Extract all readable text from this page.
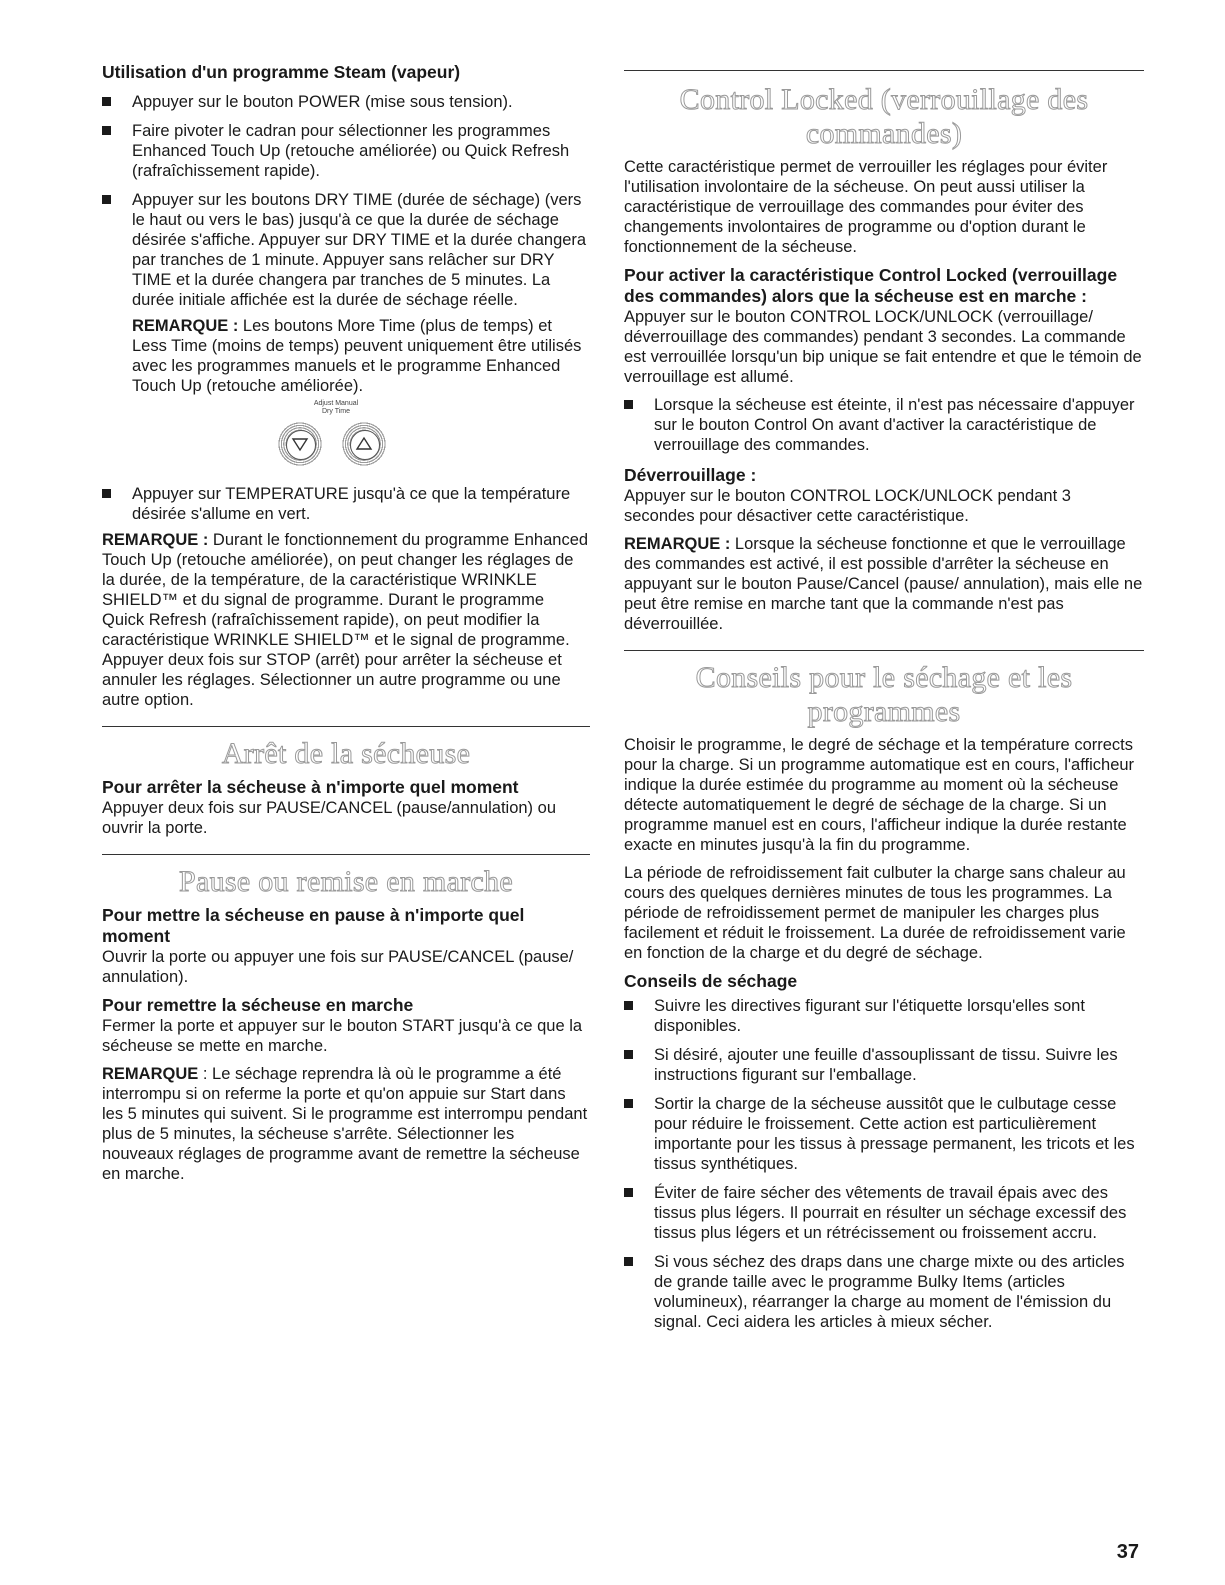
Utilisation d'un programme Steam (vapeur)

Appuyer sur le bouton POWER (mise sous tension).
Faire pivoter le cadran pour sélectionner les programmes Enhanced Touch Up (retouche améliorée) ou Quick Refresh (rafraîchissement rapide).
Appuyer sur les boutons DRY TIME (durée de séchage) (vers le haut ou vers le bas) jusqu'à ce que la durée de séchage désirée s'affiche. Appuyer sur DRY TIME et la durée changera par tranches de 1 minute. Appuyer sans relâcher sur DRY TIME et la durée changera par tranches de 5 minutes. La durée initiale affichée est la durée de séchage réelle.

REMARQUE : Les boutons More Time (plus de temps) et Less Time (moins de temps) peuvent uniquement être utilisés avec les programmes manuels et le programme Enhanced Touch Up (retouche améliorée).

Adjust Manual
Dry Time
Appuyer sur TEMPERATURE jusqu'à ce que la température désirée s'allume en vert.

REMARQUE : Durant le fonctionnement du programme Enhanced Touch Up (retouche améliorée), on peut changer les réglages de la durée, de la température, de la caractéristique WRINKLE SHIELD™ et du signal de programme. Durant le programme Quick Refresh (rafraîchissement rapide), on peut modifier la caractéristique WRINKLE SHIELD™ et le signal de programme. Appuyer deux fois sur STOP (arrêt) pour arrêter la sécheuse et annuler les réglages. Sélectionner un autre programme ou une autre option.

Arrêt de la sécheuse

Pour arrêter la sécheuse à n'importe quel moment

Appuyer deux fois sur PAUSE/CANCEL (pause/annulation) ou ouvrir la porte.

Pause ou remise en marche

Pour mettre la sécheuse en pause à n'importe quel moment

Ouvrir la porte ou appuyer une fois sur PAUSE/CANCEL (pause/ annulation).

Pour remettre la sécheuse en marche

Fermer la porte et appuyer sur le bouton START jusqu'à ce que la sécheuse se mette en marche.

REMARQUE : Le séchage reprendra là où le programme a été interrompu si on referme la porte et qu'on appuie sur Start dans les 5 minutes qui suivent. Si le programme est interrompu pendant plus de 5 minutes, la sécheuse s'arrête. Sélectionner les nouveaux réglages de programme avant de remettre la sécheuse en marche.

Control Locked (verrouillage des commandes)

Cette caractéristique permet de verrouiller les réglages pour éviter l'utilisation involontaire de la sécheuse. On peut aussi utiliser la caractéristique de verrouillage des commandes pour éviter des changements involontaires de programme ou d'option durant le fonctionnement de la sécheuse.

Pour activer la caractéristique Control Locked (verrouillage des commandes) alors que la sécheuse est en marche :

Appuyer sur le bouton CONTROL LOCK/UNLOCK (verrouillage/ déverrouillage des commandes) pendant 3 secondes. La commande est verrouillée lorsqu'un bip unique se fait entendre et que le témoin de verrouillage est allumé.

Lorsque la sécheuse est éteinte, il n'est pas nécessaire d'appuyer sur le bouton Control On avant d'activer la caractéristique de verrouillage des commandes.

Déverrouillage :

Appuyer sur le bouton CONTROL LOCK/UNLOCK pendant 3 secondes pour désactiver cette caractéristique.

REMARQUE : Lorsque la sécheuse fonctionne et que le verrouillage des commandes est activé, il est possible d'arrêter la sécheuse en appuyant sur le bouton Pause/Cancel (pause/ annulation), mais elle ne peut être remise en marche tant que la commande n'est pas déverrouillée.

Conseils pour le séchage et les programmes

Choisir le programme, le degré de séchage et la température corrects pour la charge. Si un programme automatique est en cours, l'afficheur indique la durée estimée du programme au moment où la sécheuse détecte automatiquement le degré de séchage de la charge. Si un programme manuel est en cours, l'afficheur indique la durée restante exacte en minutes jusqu'à la fin du programme.

La période de refroidissement fait culbuter la charge sans chaleur au cours des quelques dernières minutes de tous les programmes. La période de refroidissement permet de manipuler les charges plus facilement et réduit le froissement. La durée de refroidissement varie en fonction de la charge et du degré de séchage.

Conseils de séchage

Suivre les directives figurant sur l'étiquette lorsqu'elles sont disponibles.
Si désiré, ajouter une feuille d'assouplissant de tissu. Suivre les instructions figurant sur l'emballage.
Sortir la charge de la sécheuse aussitôt que le culbutage cesse pour réduire le froissement. Cette action est particulièrement importante pour les tissus à pressage permanent, les tricots et les tissus synthétiques.
Éviter de faire sécher des vêtements de travail épais avec des tissus plus légers. Il pourrait en résulter un séchage excessif des tissus plus légers et un rétrécissement ou froissement accru.
Si vous séchez des draps dans une charge mixte ou des articles de grande taille avec le programme Bulky Items (articles volumineux), réarranger la charge au moment de l'émission du signal. Ceci aidera les articles à mieux sécher.
37
